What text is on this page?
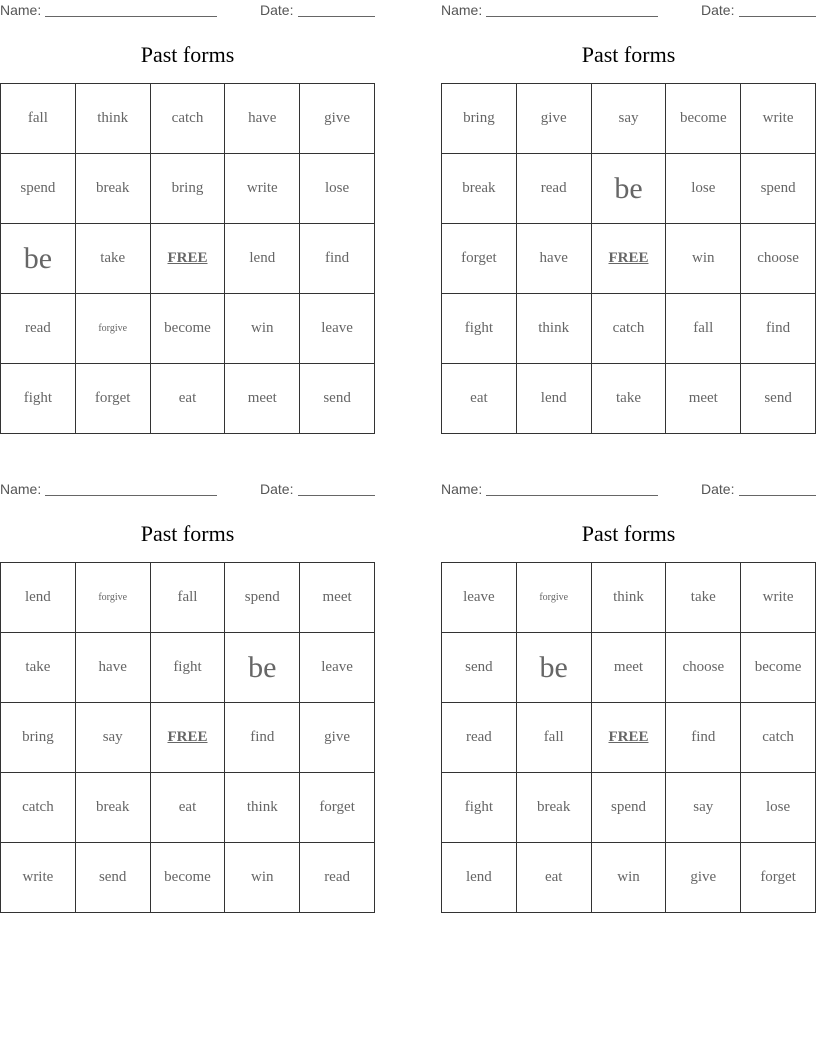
Name:	Date:
Past forms
fall	think	catch	have	give
spend	break	bring	write	lose
be	take	FREE	lend	find
read	forgive	become	win	leave
fight	forget	eat	meet	send
Name:	Date:
Past forms
bring	give	say	become	write
break	read	be	lose	spend
forget	have	FREE	win	choose
fight	think	catch	fall	find
eat	lend	take	meet	send
Name:	Date:
Past forms
lend	forgive	fall	spend	meet
take	have	fight	be	leave
bring	say	FREE	find	give
catch	break	eat	think	forget
write	send	become	win	read
Name:	Date:
Past forms
leave	forgive	think	take	write
send	be	meet	choose	become
read	fall	FREE	find	catch
fight	break	spend	say	lose
lend	eat	win	give	forget
